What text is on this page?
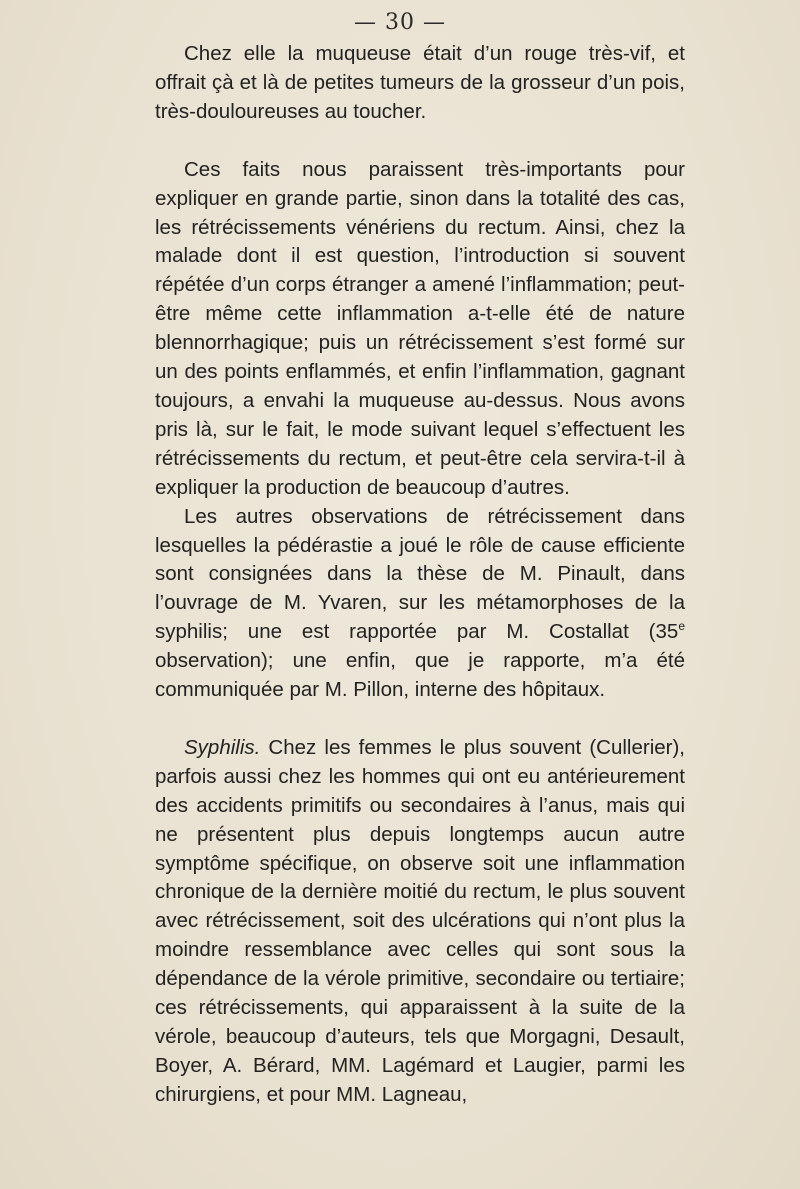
— 30 —

Chez elle la muqueuse était d’un rouge très-vif, et offrait çà et là de petites tumeurs de la grosseur d’un pois, très-douloureuses au toucher.

Ces faits nous paraissent très-importants pour expliquer en grande partie, sinon dans la totalité des cas, les rétrécissements vénériens du rectum. Ainsi, chez la malade dont il est question, l’introduction si souvent répétée d’un corps étranger a amené l’inflammation; peut-être même cette inflammation a-t-elle été de nature blennorrhagique; puis un rétrécissement s’est formé sur un des points enflammés, et enfin l’inflammation, gagnant toujours, a envahi la muqueuse au-dessus. Nous avons pris là, sur le fait, le mode suivant lequel s’effectuent les rétrécissements du rectum, et peut-être cela servira-t-il à expliquer la production de beaucoup d’autres.

Les autres observations de rétrécissement dans lesquelles la pédérastie a joué le rôle de cause efficiente sont consignées dans la thèse de M. Pinault, dans l’ouvrage de M. Yvaren, sur les métamorphoses de la syphilis; une est rapportée par M. Costallat (35e observation); une enfin, que je rapporte, m’a été communiquée par M. Pillon, interne des hôpitaux.

Syphilis. Chez les femmes le plus souvent (Cullerier), parfois aussi chez les hommes qui ont eu antérieurement des accidents primitifs ou secondaires à l’anus, mais qui ne présentent plus depuis longtemps aucun autre symptôme spécifique, on observe soit une inflammation chronique de la dernière moitié du rectum, le plus souvent avec rétrécissement, soit des ulcérations qui n’ont plus la moindre ressemblance avec celles qui sont sous la dépendance de la vérole primitive, secondaire ou tertiaire; ces rétrécissements, qui apparaissent à la suite de la vérole, beaucoup d’auteurs, tels que Morgagni, Desault, Boyer, A. Bérard, MM. Lagémard et Laugier, parmi les chirurgiens, et pour MM. Lagneau,
